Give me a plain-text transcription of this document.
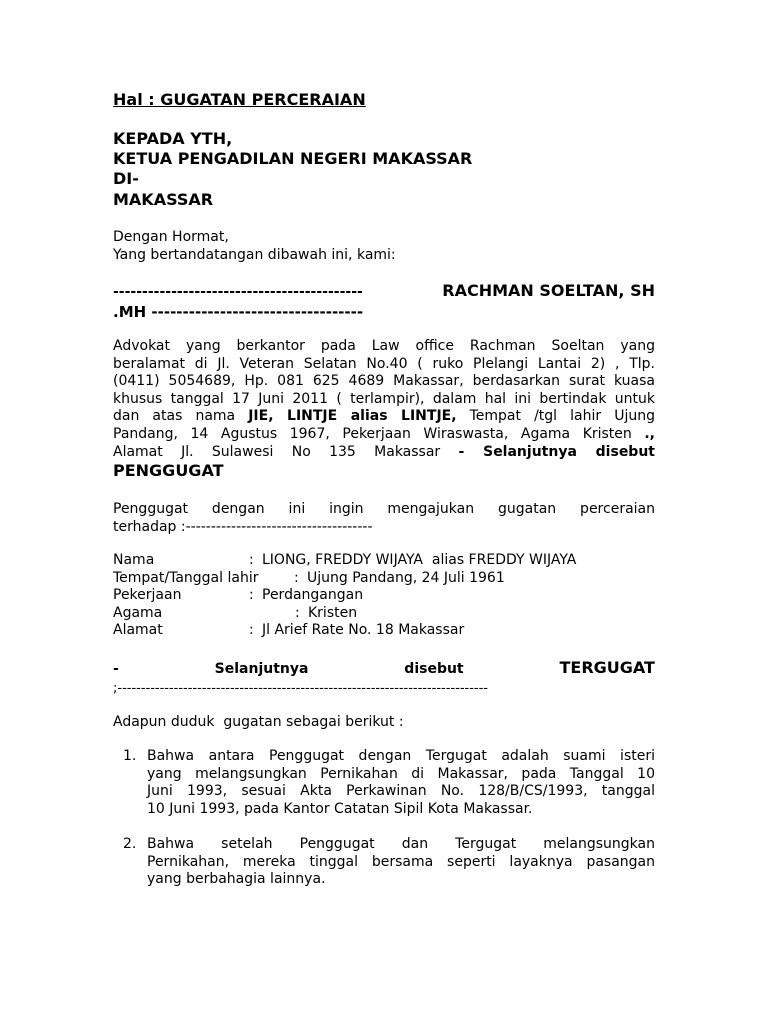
Hal : GUGATAN PERCERAIAN
KEPADA YTH,
KETUA PENGADILAN NEGERI MAKASSAR
DI-
MAKASSAR
Dengan Hormat,
Yang bertandatangan dibawah ini, kami:
-------------------------------------------	RACHMAN SOELTAN, SH
.MH ----------------------------------
Advokat yang berkantor pada Law office Rachman Soeltan yang
beralamat di Jl. Veteran Selatan No.40 ( ruko Plelangi Lantai 2) , Tlp.
(0411) 5054689, Hp. 081 625 4689 Makassar, berdasarkan surat kuasa
khusus tanggal 17 Juni 2011 ( terlampir), dalam hal ini bertindak untuk
dan atas nama JIE, LINTJE alias LINTJE, Tempat /tgl lahir Ujung
Pandang, 14 Agustus 1967, Pekerjaan Wiraswasta, Agama Kristen .,
Alamat Jl. Sulawesi No 135 Makassar - Selanjutnya disebut
PENGGUGAT
Penggugat dengan ini ingin mengajukan gugatan perceraian
terhadap :-------------------------------------
Nama	: LIONG, FREDDY WIJAYA  alias FREDDY WIJAYA
Tempat/Tanggal lahir	: Ujung Pandang, 24 Juli 1961
Pekerjaan	: Perdangangan
Agama	: Kristen
Alamat	: Jl Arief Rate No. 18 Makassar
-	Selanjutnya	disebut	TERGUGAT
;-------------------------------------------------------------------------------
Adapun duduk  gugatan sebagai berikut :
1. Bahwa antara Penggugat dengan Tergugat adalah suami isteri
yang melangsungkan Pernikahan di Makassar, pada Tanggal 10
Juni 1993, sesuai Akta Perkawinan No. 128/B/CS/1993, tanggal
10 Juni 1993, pada Kantor Catatan Sipil Kota Makassar.
2. Bahwa setelah Penggugat dan Tergugat melangsungkan
Pernikahan, mereka tinggal bersama seperti layaknya pasangan
yang berbahagia lainnya.
